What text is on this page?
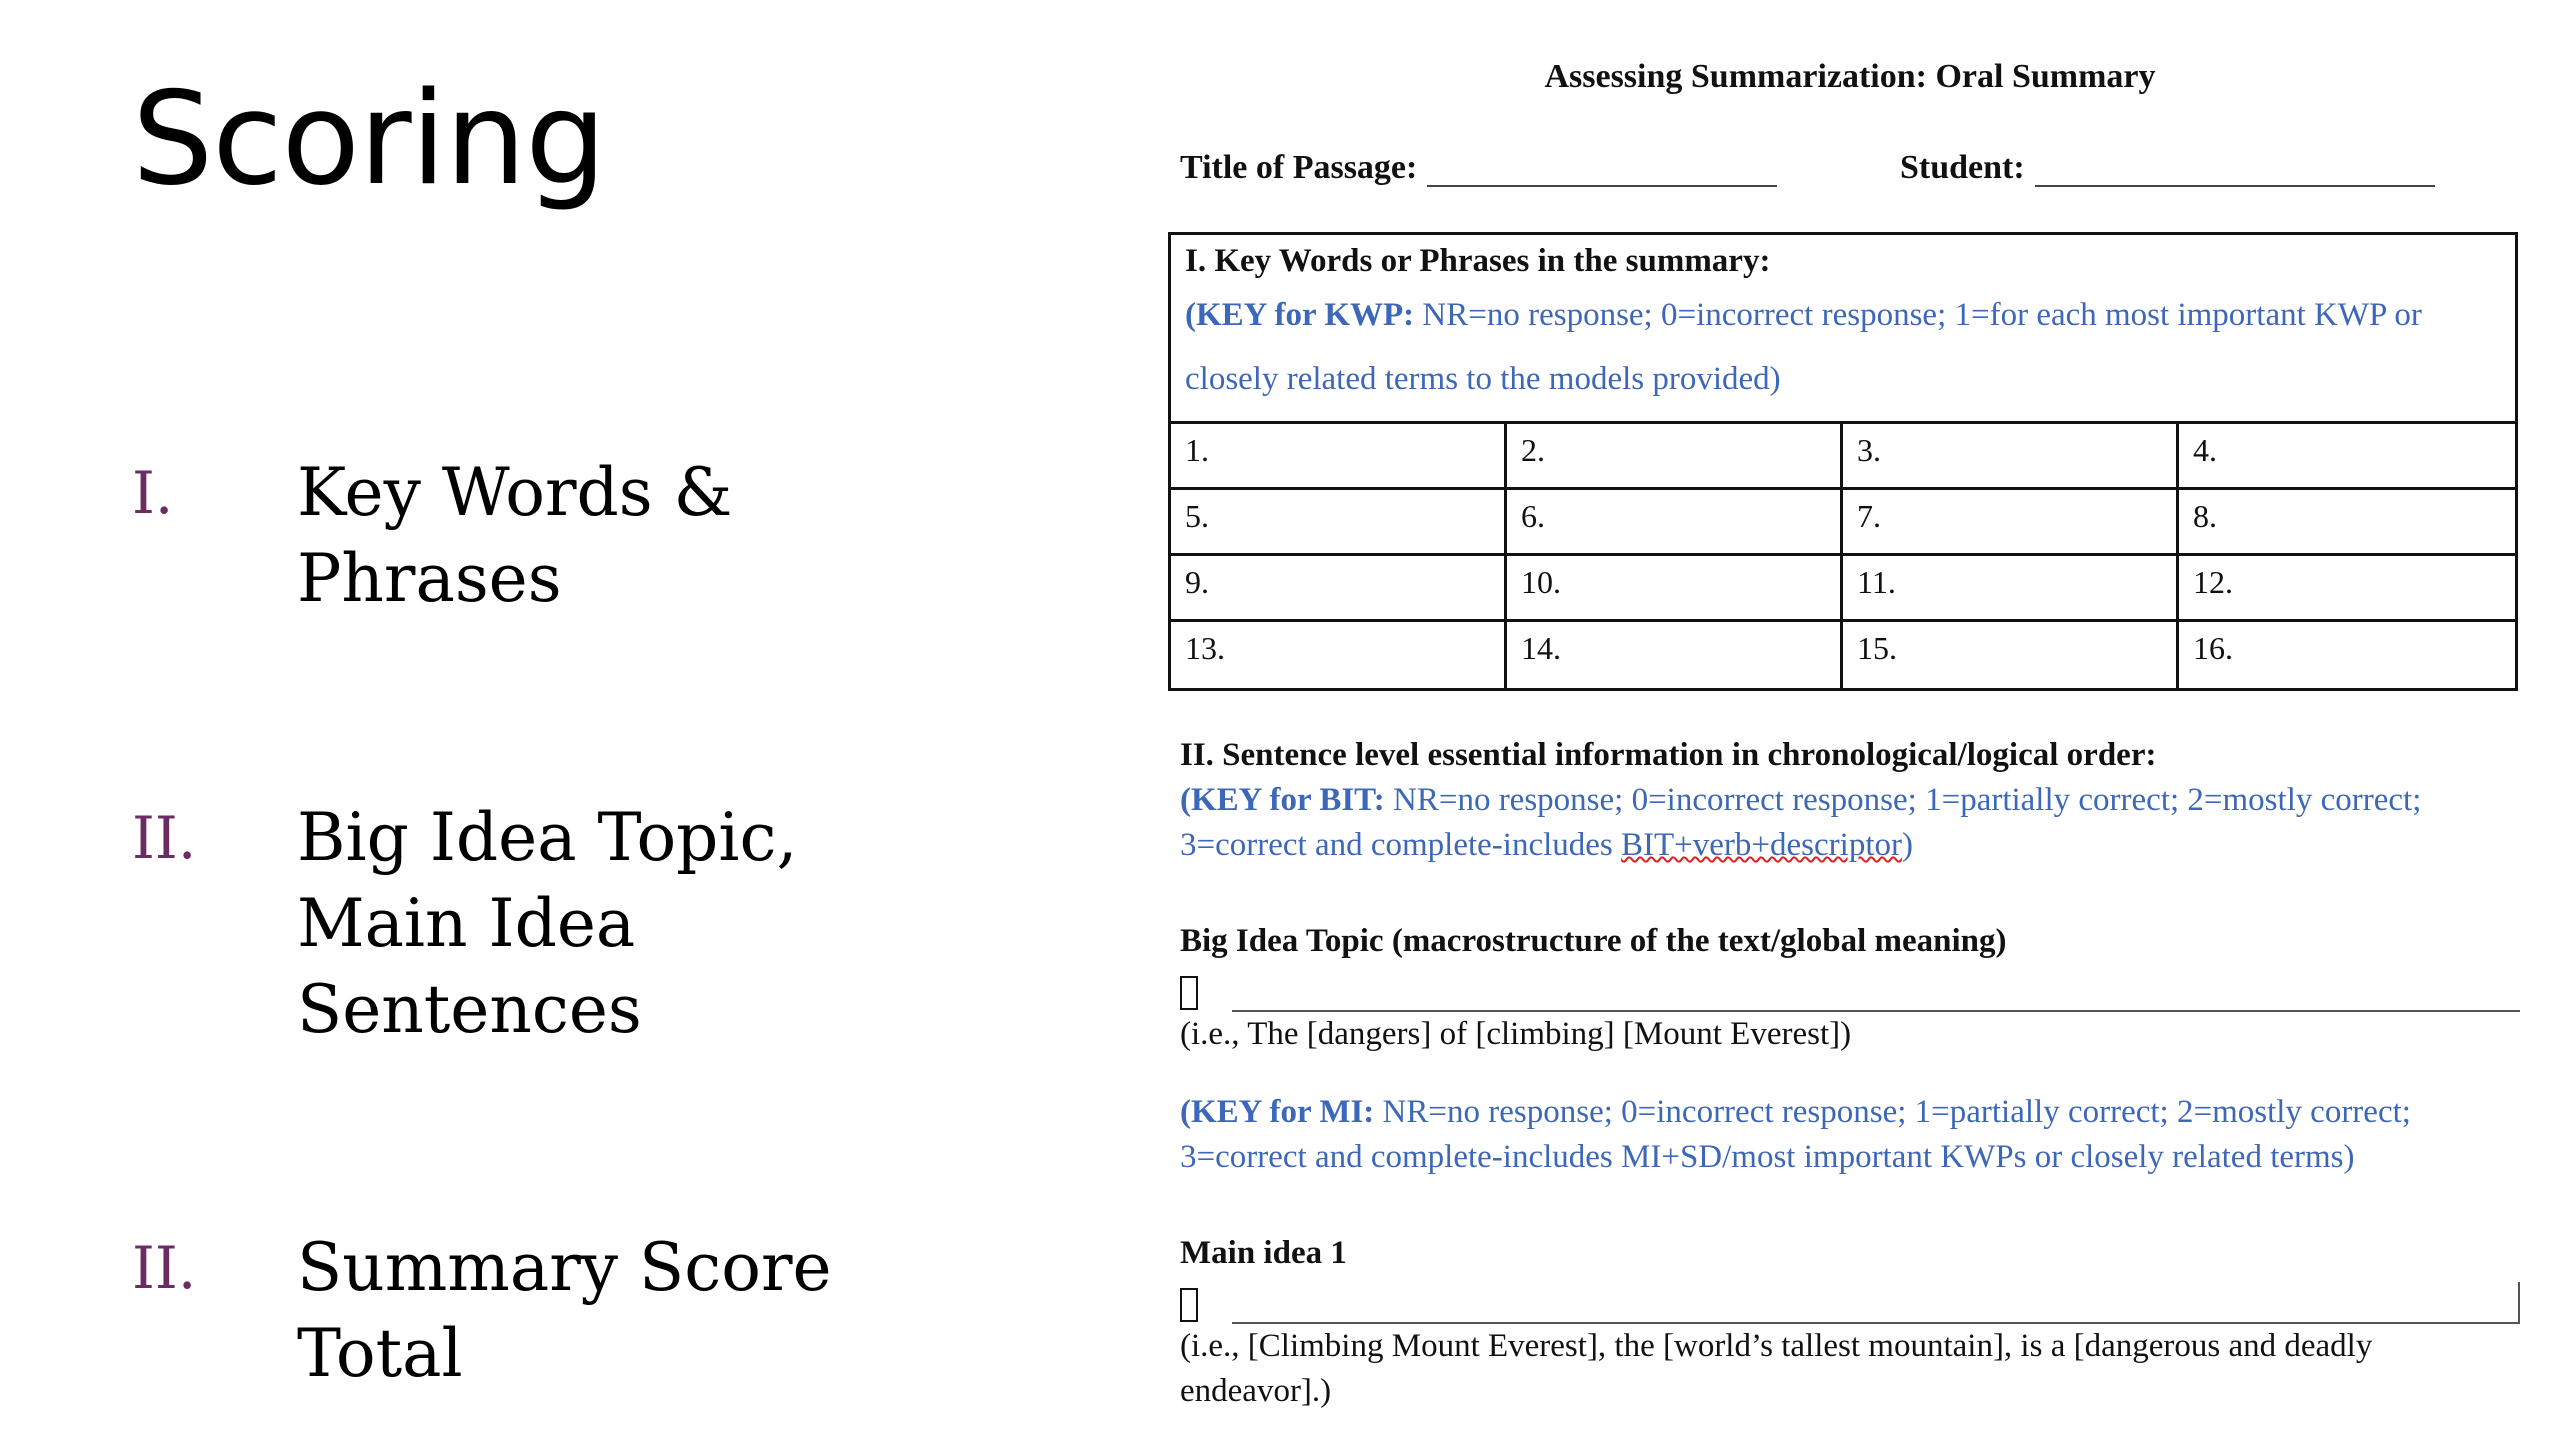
Scoring
I. Key Words & Phrases
II. Big Idea Topic, Main Idea Sentences
II. Summary Score Total
Assessing Summarization: Oral Summary
Title of Passage:	Student:
I. Key Words or Phrases in the summary:
(KEY for KWP: NR=no response; 0=incorrect response; 1=for each most important KWP or closely related terms to the models provided)
1.	2.	3.	4.
5.	6.	7.	8.
9.	10.	11.	12.
13.	14.	15.	16.
II. Sentence level essential information in chronological/logical order:
(KEY for BIT: NR=no response; 0=incorrect response; 1=partially correct; 2=mostly correct; 3=correct and complete-includes BIT+verb+descriptor)
Big Idea Topic (macrostructure of the text/global meaning)
(i.e., The [dangers] of [climbing] [Mount Everest])
(KEY for MI: NR=no response; 0=incorrect response; 1=partially correct; 2=mostly correct; 3=correct and complete-includes MI+SD/most important KWPs or closely related terms)
Main idea 1
(i.e., [Climbing Mount Everest], the [world’s tallest mountain], is a [dangerous and deadly endeavor].)
